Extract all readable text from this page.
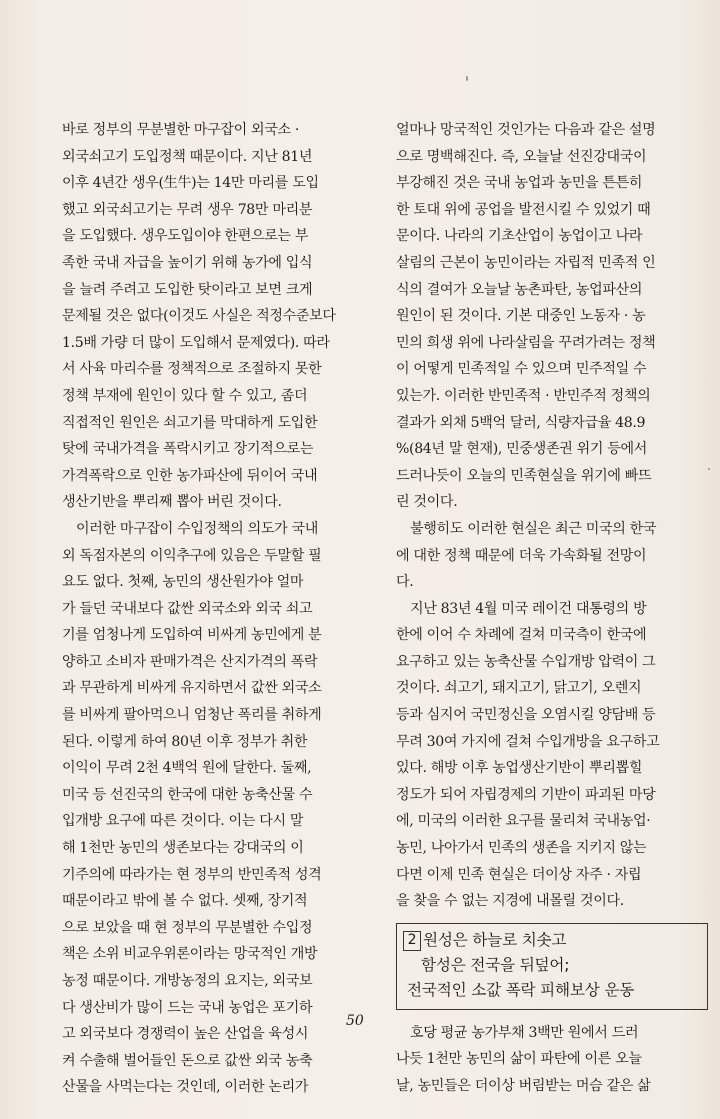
바로 정부의 무분별한 마구잡이 외국소 ·
외국쇠고기 도입정책 때문이다. 지난 81년
이후 4년간 생우(生牛)는 14만 마리를 도입
했고 외국쇠고기는 무려 생우 78만 마리분
을 도입했다. 생우도입이야 한편으로는 부
족한 국내 자급을 높이기 위해 농가에 입식
을 늘려 주려고 도입한 탓이라고 보면 크게
문제될 것은 없다(이것도 사실은 적정수준보다
1.5배 가량 더 많이 도입해서 문제였다). 따라
서 사육 마리수를 정책적으로 조절하지 못한
정책 부재에 원인이 있다 할 수 있고, 좀더
직접적인 원인은 쇠고기를 막대하게 도입한
탓에 국내가격을 폭락시키고 장기적으로는
가격폭락으로 인한 농가파산에 뒤이어 국내
생산기반을 뿌리째 뽑아 버린 것이다.
이러한 마구잡이 수입정책의 의도가 국내
외 독점자본의 이익추구에 있음은 두말할 필
요도 없다. 첫째, 농민의 생산원가야 얼마
가 들던 국내보다 값싼 외국소와 외국 쇠고
기를 엄청나게 도입하여 비싸게 농민에게 분
양하고 소비자 판매가격은 산지가격의 폭락
과 무관하게 비싸게 유지하면서 값싼 외국소
를 비싸게 팔아먹으니 엄청난 폭리를 취하게
된다. 이렇게 하여 80년 이후 정부가 취한
이익이 무려 2천 4백억 원에 달한다. 둘째,
미국 등 선진국의 한국에 대한 농축산물 수
입개방 요구에 따른 것이다. 이는 다시 말
해 1천만 농민의 생존보다는 강대국의 이
기주의에 따라가는 현 정부의 반민족적 성격
때문이라고 밖에 볼 수 없다. 셋째, 장기적
으로 보았을 때 현 정부의 무분별한 수입정
책은 소위 비교우위론이라는 망국적인 개방
농정 때문이다. 개방농정의 요지는, 외국보
다 생산비가 많이 드는 국내 농업은 포기하
고 외국보다 경쟁력이 높은 산업을 육성시
켜 수출해 벌어들인 돈으로 값싼 외국 농축
산물을 사먹는다는 것인데, 이러한 논리가
얼마나 망국적인 것인가는 다음과 같은 설명
으로 명백해진다. 즉, 오늘날 선진강대국이
부강해진 것은 국내 농업과 농민을 튼튼히
한 토대 위에 공업을 발전시킬 수 있었기 때
문이다. 나라의 기초산업이 농업이고 나라
살림의 근본이 농민이라는 자립적 민족적 인
식의 결여가 오늘날 농촌파탄, 농업파산의
원인이 된 것이다. 기본 대중인 노동자 · 농
민의 희생 위에 나라살림을 꾸려가려는 정책
이 어떻게 민족적일 수 있으며 민주적일 수
있는가. 이러한 반민족적 · 반민주적 정책의
결과가 외채 5백억 달러, 식량자급율 48.9
%(84년 말 현재), 민중생존권 위기 등에서
드러나듯이 오늘의 민족현실을 위기에 빠뜨
린 것이다.
불행히도 이러한 현실은 최근 미국의 한국
에 대한 정책 때문에 더욱 가속화될 전망이
다.
지난 83년 4월 미국 레이건 대통령의 방
한에 이어 수 차례에 걸쳐 미국측이 한국에
요구하고 있는 농축산물 수입개방 압력이 그
것이다. 쇠고기, 돼지고기, 닭고기, 오렌지
등과 심지어 국민정신을 오염시킬 양담배 등
무려 30여 가지에 걸쳐 수입개방을 요구하고
있다. 해방 이후 농업생산기반이 뿌리뽑힐
정도가 되어 자립경제의 기반이 파괴된 마당
에, 미국의 이러한 요구를 물리쳐 국내농업·
농민, 나아가서 민족의 생존을 지키지 않는
다면 이제 민족 현실은 더이상 자주 · 자립
을 찾을 수 없는 지경에 내몰릴 것이다.
2 원성은 하늘로 치솟고
함성은 전국을 뒤덮어;
전국적인 소값 폭락 피해보상 운동
호당 평균 농가부채 3백만 원에서 드러
나듯 1천만 농민의 삶이 파탄에 이른 오늘
날, 농민들은 더이상 버림받는 머슴 같은 삶
50
